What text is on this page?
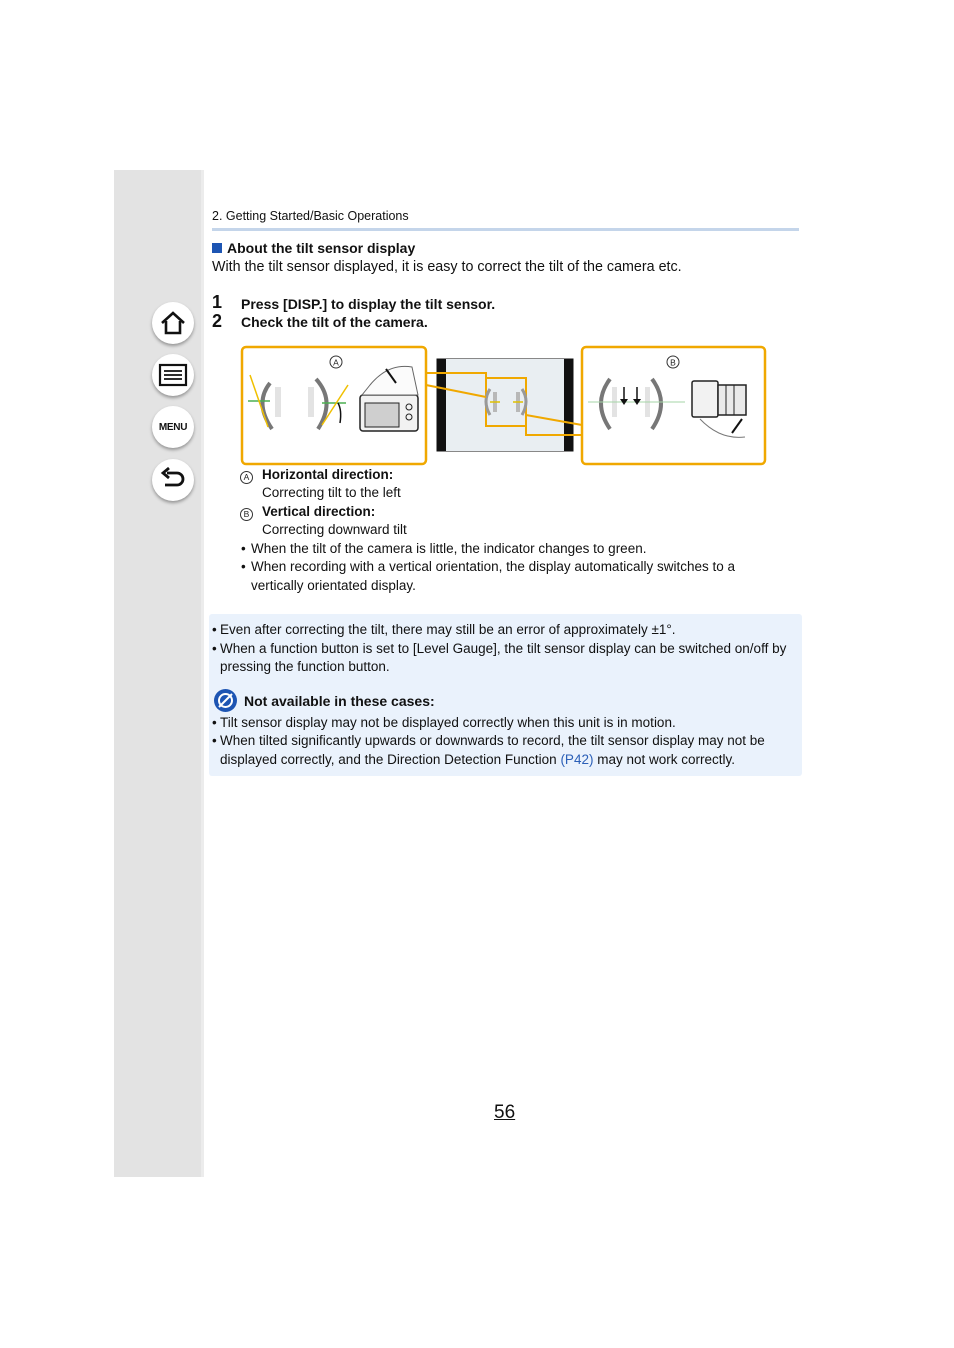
MENU
2. Getting Started/Basic Operations
About the tilt sensor display
With the tilt sensor displayed, it is easy to correct the tilt of the camera etc.
1 Press [DISP.] to display the tilt sensor.
2 Check the tilt of the camera.
A	B
A Horizontal direction:
Correcting tilt to the left
B Vertical direction:
Correcting downward tilt
• When the tilt of the camera is little, the indicator changes to green.
• When recording with a vertical orientation, the display automatically switches to a
vertically orientated display.
• Even after correcting the tilt, there may still be an error of approximately ±1°.
• When a function button is set to [Level Gauge], the tilt sensor display can be switched on/off by
pressing the function button.
Not available in these cases:
• Tilt sensor display may not be displayed correctly when this unit is in motion.
• When tilted significantly upwards or downwards to record, the tilt sensor display may not be
displayed correctly, and the Direction Detection Function (P42) may not work correctly.
56
